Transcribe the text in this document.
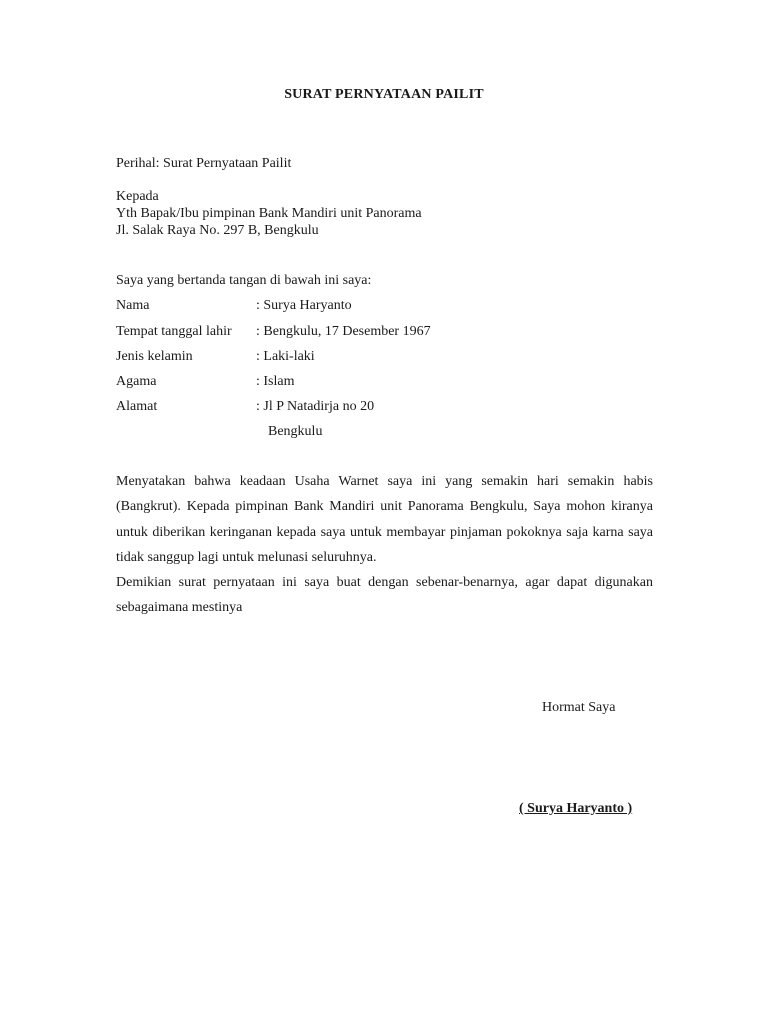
SURAT PERNYATAAN PAILIT
Perihal: Surat Pernyataan Pailit
Kepada
Yth Bapak/Ibu pimpinan Bank Mandiri unit Panorama
Jl. Salak Raya No. 297 B, Bengkulu
Saya yang bertanda tangan di bawah ini saya:
Nama	: Surya Haryanto
Tempat tanggal lahir : Bengkulu, 17 Desember 1967
Jenis kelamin	: Laki-laki
Agama	: Islam
Alamat	: Jl P Natadirja no 20
Bengkulu
Menyatakan bahwa keadaan Usaha Warnet saya ini yang semakin hari semakin habis (Bangkrut). Kepada pimpinan Bank Mandiri unit Panorama Bengkulu, Saya mohon kiranya untuk diberikan keringanan kepada saya untuk membayar pinjaman pokoknya saja karna saya tidak sanggup lagi untuk melunasi seluruhnya.
Demikian surat pernyataan ini saya buat dengan sebenar-benarnya, agar dapat digunakan sebagaimana mestinya
Hormat Saya
( Surya Haryanto )
